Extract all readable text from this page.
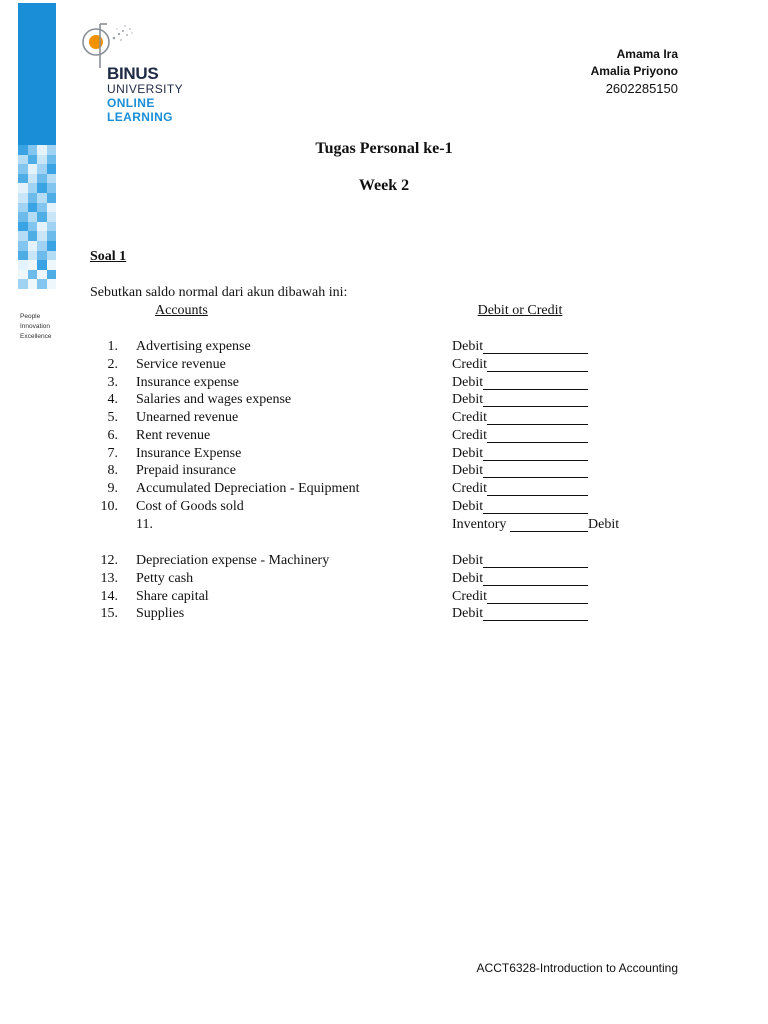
People
Innovation
Excellence
BINUS
UNIVERSITY
ONLINE
LEARNING
Amama Ira
Amalia Priyono
2602285150
Tugas Personal ke-1
Week 2
Soal 1
Sebutkan saldo normal dari akun dibawah ini:
Accounts	Debit or Credit
1. Advertising expense	Debit
2. Service revenue	Credit
3. Insurance expense	Debit
4. Salaries and wages expense	Debit
5. Unearned revenue	Credit
6. Rent revenue	Credit
7. Insurance Expense	Debit
8. Prepaid insurance	Debit
9. Accumulated Depreciation - Equipment	Credit
10. Cost of Goods sold	Debit
11.	Inventory	Debit
12. Depreciation expense - Machinery	Debit
13. Petty cash	Debit
14. Share capital	Credit
15. Supplies	Debit
ACCT6328-Introduction to Accounting
